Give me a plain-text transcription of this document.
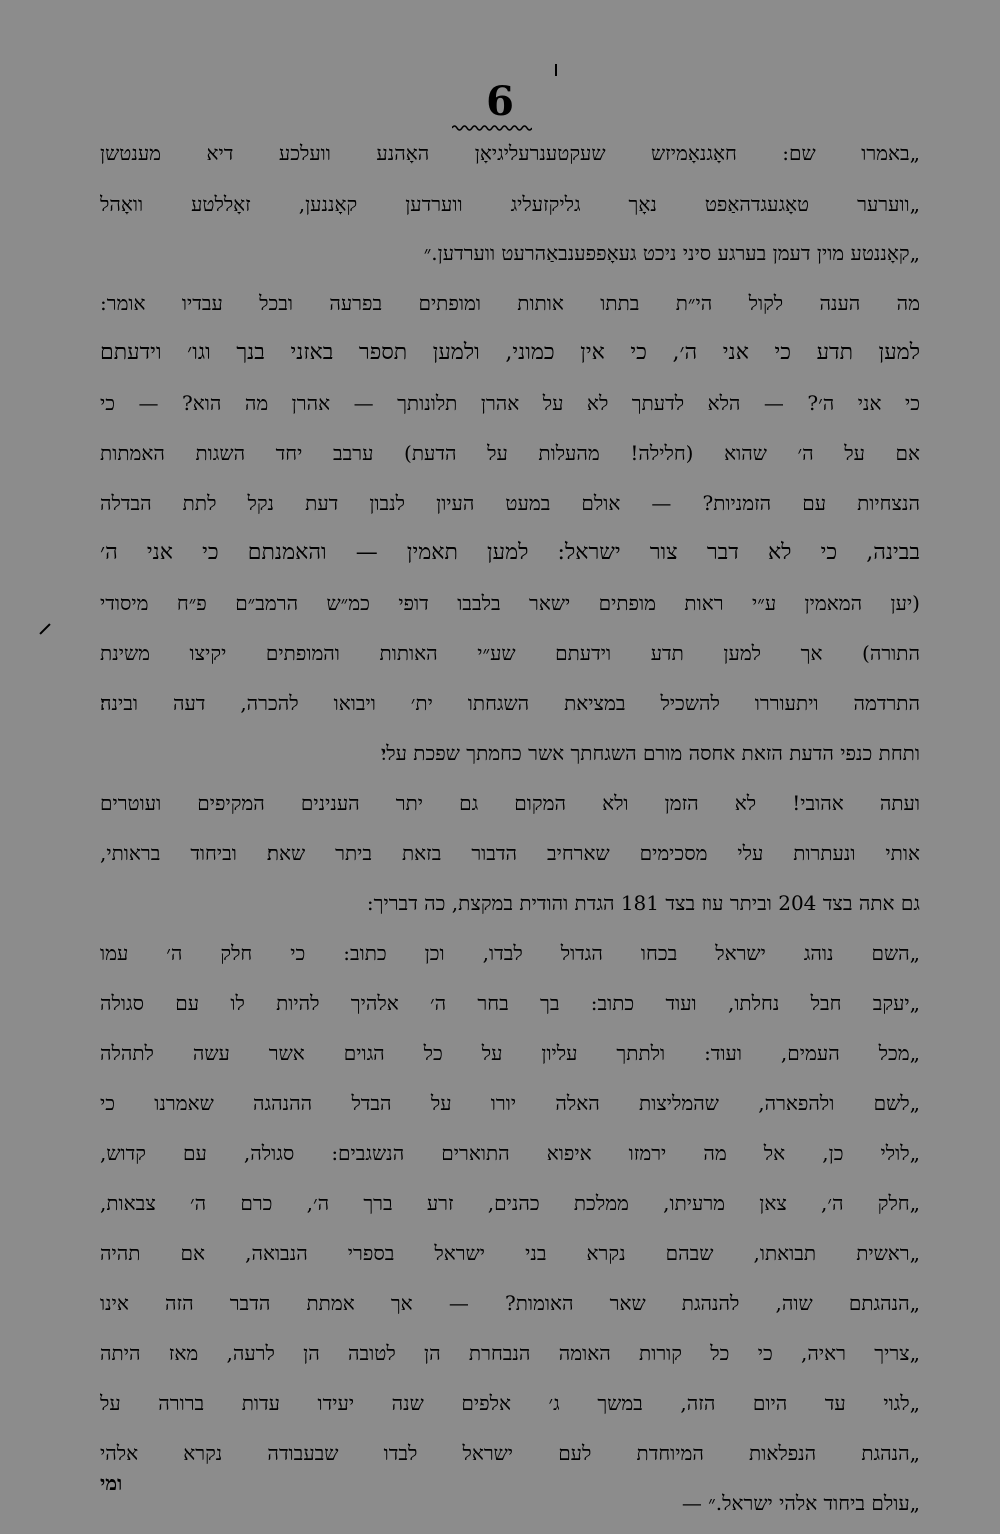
6
„באמרו שם: חאָגנאָמיזש שעקטענרעליגיאָן האָהנע וועלכע דיא מענטשן
„ווערער טאָגעגדהאַפט נאָך גליקזעליג ווערדען קאָננען, זאָללטע וואָהל
„קאָננטע מוין דעמן בערגע סיני ניכט געאָפפענבאַהרעט ווערדען.״
מה הענה לקול הי״ת בתתו אותות ומופתים בפרעה ובכל עבדיו אומר:
למען תדע כי אני ה׳, כי אין כמוני, ולמען תספר באזני בנך וגו׳ וידעתם
כי אני ה׳? — הלא לדעתך לא על אהרן תלונותך — אהרן מה הוא? — כי
אם על ה׳ שהוא (חלילה! מהעלות על הדעת) ערבב יחד השגות האמתות
הנצחיות עם הזמניות? — אולם במעט העיון לנבון דעת נקל לתת הבדלה
בבינה, כי לא דבר צור ישראל: למען תאמין — והאמנתם כי אני ה׳
(יען המאמין ע״י ראות מופתים ישאר בלבבו דופי כמ״ש הרמב״ם פ״ח מיסודי
התורה) אך למען תדע וידעתם שע״י האותות והמופתים יקיצו משינת
התרדמה ויתעוררו להשכיל במציאת השגחתו ית׳ ויבואו להכרה, דעה ובינה׃
ותחת כנפי הדעת הזאת אחסה מורם השגחתך אשר כחמתך שפכת עלי׃
ועתה אהובי! לא הזמן ולא המקום גם יתר הענינים המקיפים ועוטרים
אותי ונעתרות עלי מסכימים שארחיב הדבור בזאת ביתר שאת׃ וביחוד בראותי,
גם אתה בצד 204 וביתר עוז בצד 181 הגדת והודית במקצת, כה דבריך:
„השם נוהג ישראל בכחו הגדול לבדו, וכן כתוב: כי חלק ה׳ עמו
„יעקב חבל נחלתו, ועוד כתוב: בך בחר ה׳ אלהיך להיות לו עם סגולה
„מכל העמים, ועוד: ולתתך עליון על כל הגוים אשר עשה לתהלה
„לשם ולהפארה, שהמליצות האלה יורו על הבדל ההנהגה שאמרנו כי
„לולי כן, אל מה ירמזו איפוא התוארים הנשגבים: סגולה, עם קדוש,
„חלק ה׳, צאן מרעיתו, ממלכת כהנים, זרע ברך ה׳, כרם ה׳ צבאות,
„ראשית תבואתו, שבהם נקרא בני ישראל בספרי הנבואה, אם תהיה
„הנהגתם שוה, להנהגת שאר האומות? — אך אמתת הדבר הזה אינו
„צריך ראיה, כי כל קורות האומה הנבחרת הן לטובה הן לרעה, מאז היתה
„לגוי עד היום הזה, במשך ג׳ אלפים שנה יעידו עדות ברורה על
„הנהגת הנפלאות המיוחדת לעם ישראל לבדו שבעבודה נקרא אלהי
„עולם ביחוד אלהי ישראל.״ —
ומי
